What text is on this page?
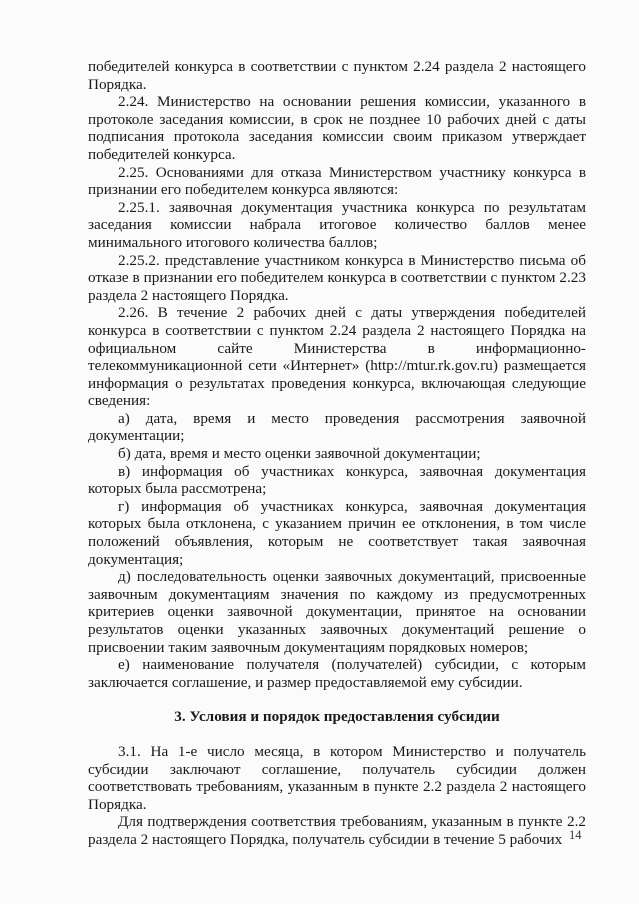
победителей конкурса в соответствии с пунктом 2.24 раздела 2 настоящего Порядка.

2.24. Министерство на основании решения комиссии, указанного в протоколе заседания комиссии, в срок не позднее 10 рабочих дней с даты подписания протокола заседания комиссии своим приказом утверждает победителей конкурса.

2.25. Основаниями для отказа Министерством участнику конкурса в признании его победителем конкурса являются:

2.25.1. заявочная документация участника конкурса по результатам заседания комиссии набрала итоговое количество баллов менее минимального итогового количества баллов;

2.25.2. представление участником конкурса в Министерство письма об отказе в признании его победителем конкурса в соответствии с пунктом 2.23 раздела 2 настоящего Порядка.

2.26. В течение 2 рабочих дней с даты утверждения победителей конкурса в соответствии с пунктом 2.24 раздела 2 настоящего Порядка на официальном сайте Министерства в информационно-телекоммуникационной сети «Интернет» (http://mtur.rk.gov.ru) размещается информация о результатах проведения конкурса, включающая следующие сведения:

а) дата, время и место проведения рассмотрения заявочной документации;

б) дата, время и место оценки заявочной документации;

в) информация об участниках конкурса, заявочная документация которых была рассмотрена;

г) информация об участниках конкурса, заявочная документация которых была отклонена, с указанием причин ее отклонения, в том числе положений объявления, которым не соответствует такая заявочная документация;

д) последовательность оценки заявочных документаций, присвоенные заявочным документациям значения по каждому из предусмотренных критериев оценки заявочной документации, принятое на основании результатов оценки указанных заявочных документаций решение о присвоении таким заявочным документациям порядковых номеров;

е) наименование получателя (получателей) субсидии, с которым заключается соглашение, и размер предоставляемой ему субсидии.

3. Условия и порядок предоставления субсидии

3.1. На 1-е число месяца, в котором Министерство и получатель субсидии заключают соглашение, получатель субсидии должен соответствовать требованиям, указанным в пункте 2.2 раздела 2 настоящего Порядка.

Для подтверждения соответствия требованиям, указанным в пункте 2.2 раздела 2 настоящего Порядка, получатель субсидии в течение 5 рабочих 14
